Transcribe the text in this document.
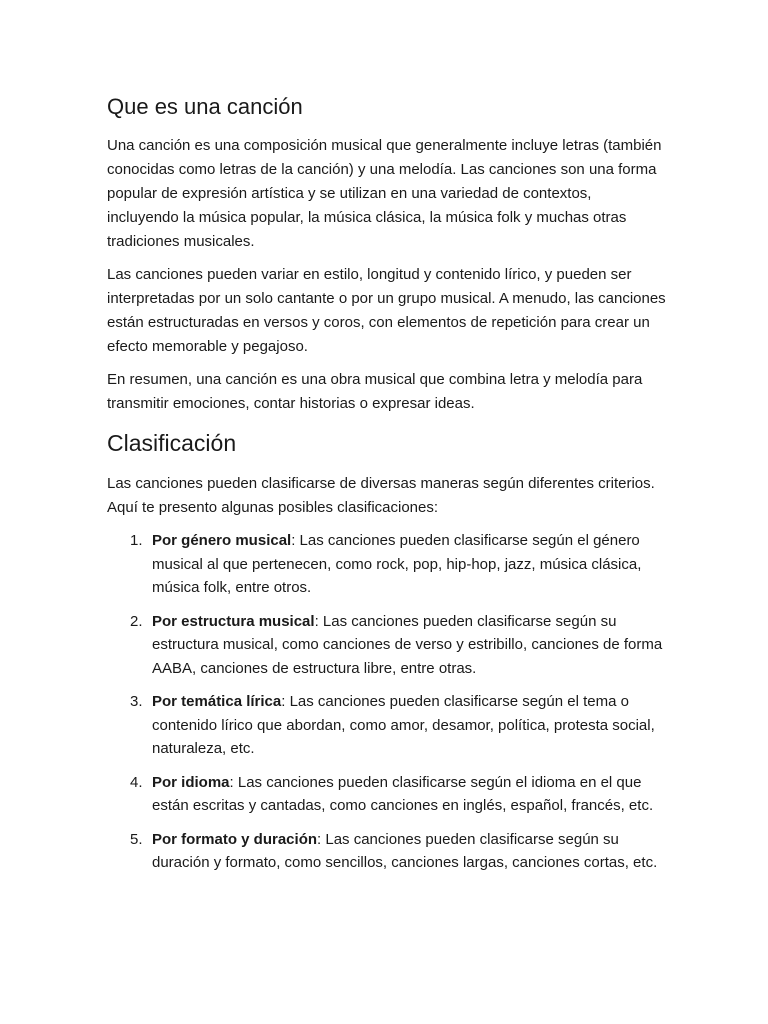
Que es una canción

Una canción es una composición musical que generalmente incluye letras (también conocidas como letras de la canción) y una melodía. Las canciones son una forma popular de expresión artística y se utilizan en una variedad de contextos, incluyendo la música popular, la música clásica, la música folk y muchas otras tradiciones musicales.

Las canciones pueden variar en estilo, longitud y contenido lírico, y pueden ser interpretadas por un solo cantante o por un grupo musical. A menudo, las canciones están estructuradas en versos y coros, con elementos de repetición para crear un efecto memorable y pegajoso.

En resumen, una canción es una obra musical que combina letra y melodía para transmitir emociones, contar historias o expresar ideas.

Clasificación

Las canciones pueden clasificarse de diversas maneras según diferentes criterios. Aquí te presento algunas posibles clasificaciones:

1. Por género musical: Las canciones pueden clasificarse según el género musical al que pertenecen, como rock, pop, hip-hop, jazz, música clásica, música folk, entre otros.
2. Por estructura musical: Las canciones pueden clasificarse según su estructura musical, como canciones de verso y estribillo, canciones de forma AABA, canciones de estructura libre, entre otras.
3. Por temática lírica: Las canciones pueden clasificarse según el tema o contenido lírico que abordan, como amor, desamor, política, protesta social, naturaleza, etc.
4. Por idioma: Las canciones pueden clasificarse según el idioma en el que están escritas y cantadas, como canciones en inglés, español, francés, etc.
5. Por formato y duración: Las canciones pueden clasificarse según su duración y formato, como sencillos, canciones largas, canciones cortas, etc.
